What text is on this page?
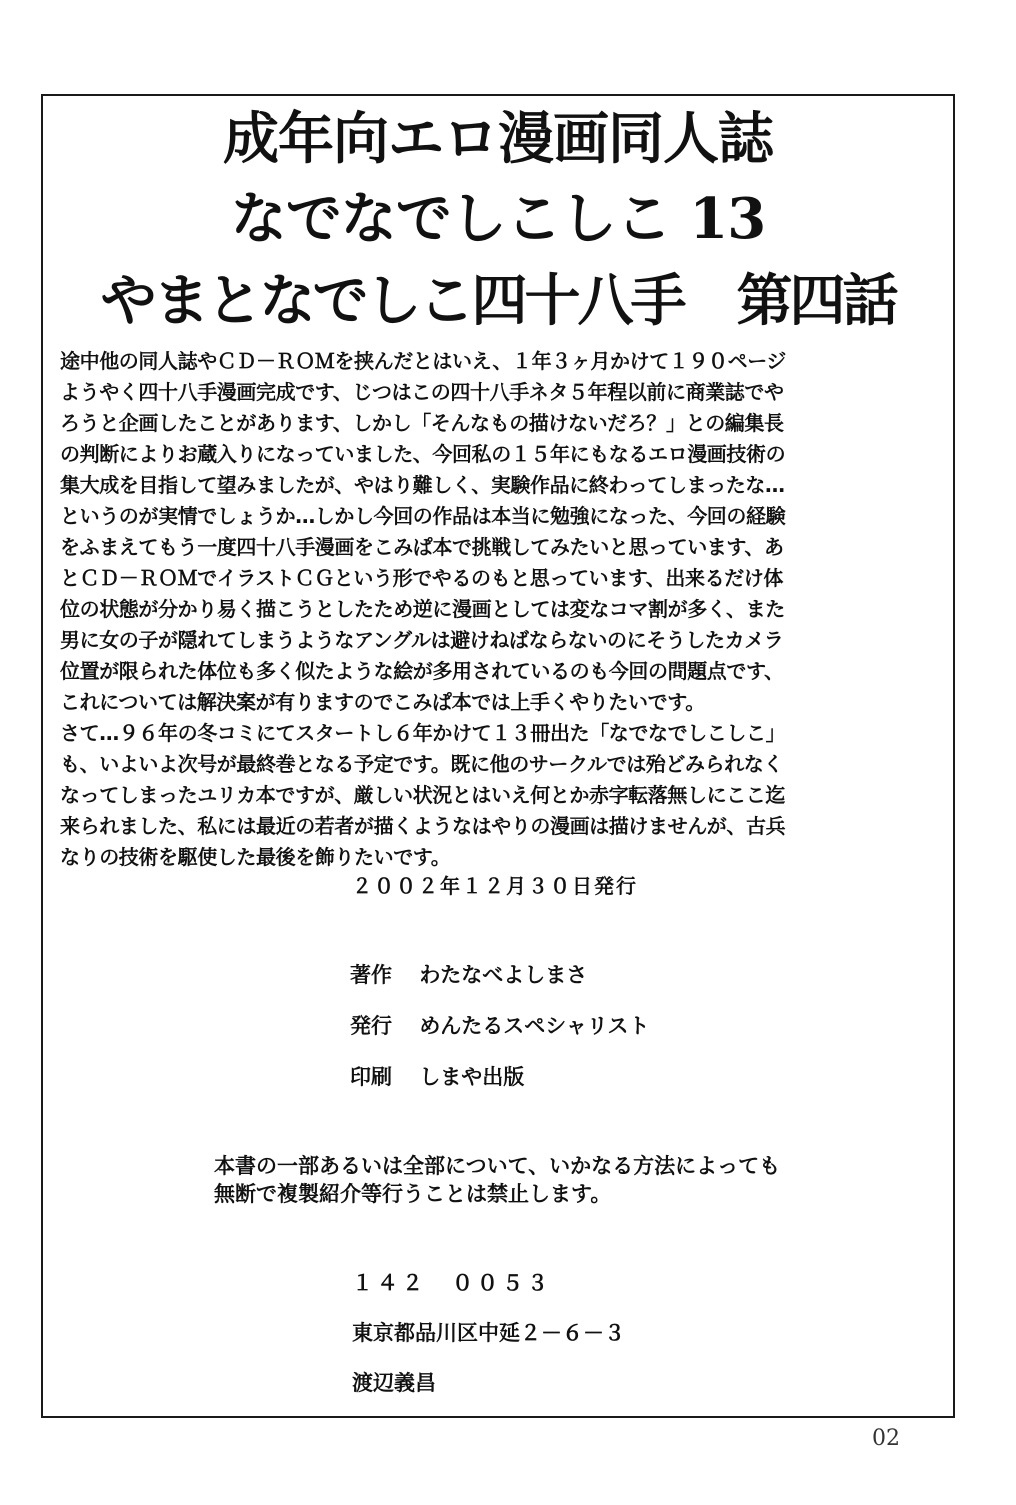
成年向エロ漫画同人誌
なでなでしこしこ 13
やまとなでしこ四十八手　第四話

途中他の同人誌やＣＤ－ＲＯＭを挟んだとはいえ、１年３ヶ月かけて１９０ページ

ようやく四十八手漫画完成です、じつはこの四十八手ネタ５年程以前に商業誌でや

ろうと企画したことがあります、しかし「そんなもの描けないだろ？」との編集長

の判断によりお蔵入りになっていました、今回私の１５年にもなるエロ漫画技術の

集大成を目指して望みましたが、やはり難しく、実験作品に終わってしまったな…

というのが実情でしょうか…しかし今回の作品は本当に勉強になった、今回の経験

をふまえてもう一度四十八手漫画をこみぱ本で挑戦してみたいと思っています、あ

とＣＤ－ＲＯＭでイラストＣＧという形でやるのもと思っています、出来るだけ体

位の状態が分かり易く描こうとしたため逆に漫画としては変なコマ割が多く、また

男に女の子が隠れてしまうようなアングルは避けねばならないのにそうしたカメラ

位置が限られた体位も多く似たような絵が多用されているのも今回の問題点です、

これについては解決案が有りますのでこみぱ本では上手くやりたいです。

さて…９６年の冬コミにてスタートし６年かけて１３冊出た「なでなでしこしこ」

も、いよいよ次号が最終巻となる予定です。既に他のサークルでは殆どみられなく

なってしまったユリカ本ですが、厳しい状況とはいえ何とか赤字転落無しにここ迄

来られました、私には最近の若者が描くようなはやりの漫画は描けませんが、古兵

なりの技術を駆使した最後を飾りたいです。

２００２年１２月３０日発行
著作 わたなべよしまさ
発行 めんたるスペシャリスト
印刷 しまや出版

本書の一部あるいは全部について、いかなる方法によっても

無断で複製紹介等行うことは禁止します。

１４２　００５３

東京都品川区中延２－６－３

渡辺義昌

02
